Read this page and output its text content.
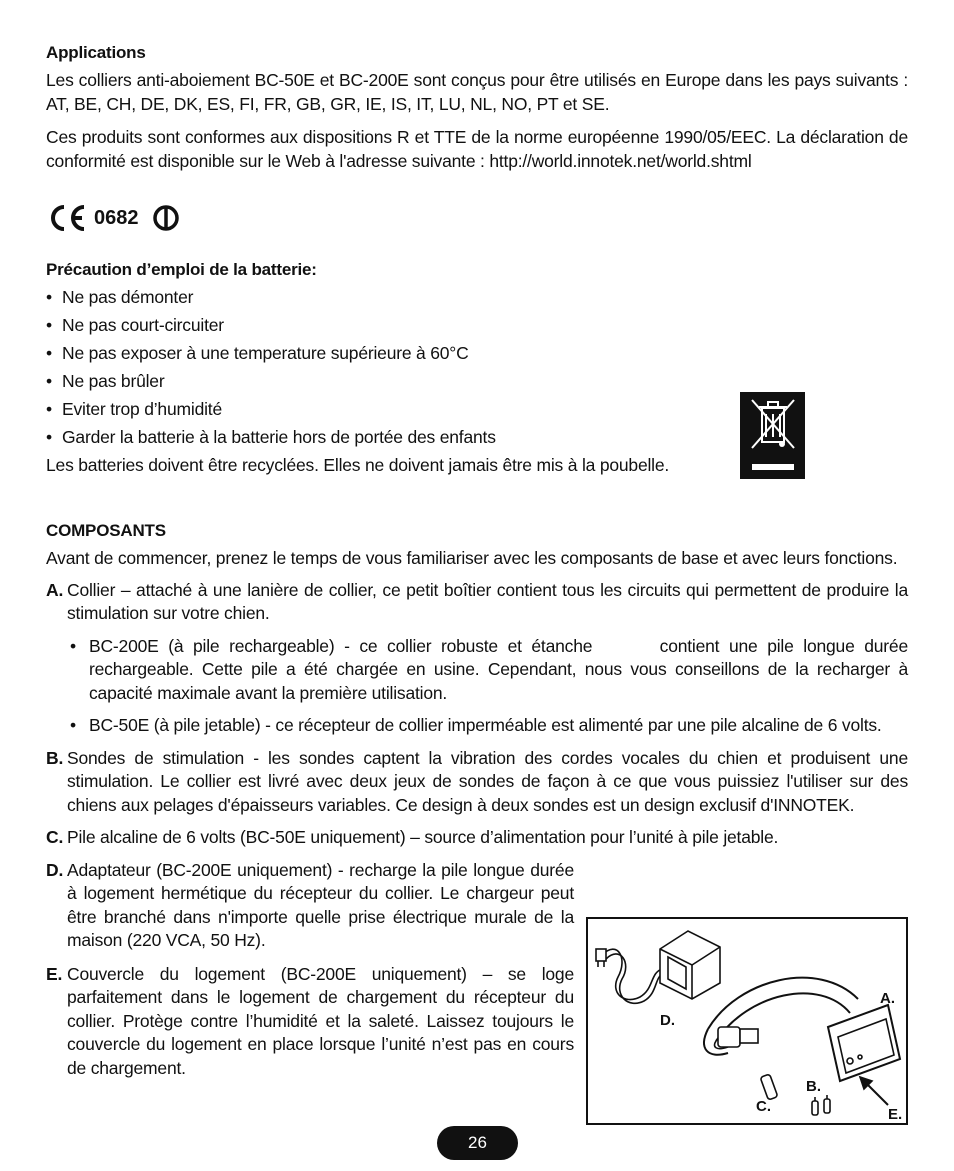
Applications

Les colliers anti-aboiement BC-50E et BC-200E sont conçus pour être utilisés en Europe dans les pays suivants : AT, BE, CH, DE, DK, ES, FI, FR, GB, GR, IE, IS, IT, LU, NL, NO, PT et SE.

Ces produits sont conformes aux dispositions R et TTE de la norme européenne 1990/05/EEC. La déclaration de conformité est disponible sur le Web à l'adresse suivante : http://world.innotek.net/world.shtml

0682
Précaution d’emploi de la batterie:
• Ne pas démonter
• Ne pas court-circuiter
• Ne pas exposer à une temperature supérieure à 60°C
• Ne pas brûler
• Eviter trop d’humidité
• Garder la batterie à la batterie hors de portée des enfants

Les batteries doivent être recyclées. Elles ne doivent jamais être mis à la poubelle.

COMPOSANTS

Avant de commencer, prenez le temps de vous familiariser avec les composants de base et avec leurs fonctions.

A. Collier – attaché à une lanière de collier, ce petit boîtier contient tous les circuits qui permettent de produire la stimulation sur votre chien.

• BC-200E (à pile rechargeable) - ce collier robuste et étanche       contient une pile longue durée rechargeable. Cette pile a été chargée en usine. Cependant, nous vous conseillons de la recharger à capacité maximale avant la première utilisation.

• BC-50E (à pile jetable) - ce récepteur de collier imperméable est alimenté par une pile alcaline de 6 volts.

B. Sondes de stimulation - les sondes captent la vibration des cordes vocales du chien et produisent une stimulation. Le collier est livré avec deux jeux de sondes de façon à ce que vous puissiez l'utiliser sur des chiens aux pelages d'épaisseurs variables. Ce design à deux sondes est un design exclusif d'INNOTEK.

C. Pile alcaline de 6 volts (BC-50E uniquement) – source d’alimentation pour l’unité à pile jetable.

D. Adaptateur (BC-200E uniquement) - recharge la pile longue durée à logement hermétique du récepteur du collier. Le chargeur peut être branché dans n'importe quelle prise électrique murale de la maison (220 VCA, 50 Hz).

E. Couvercle du logement (BC-200E uniquement) – se loge parfaitement dans le logement de chargement du récepteur du collier. Protège contre l’humidité et la saleté. Laissez toujours le couvercle du logement en place lorsque l’unité n’est pas en cours de chargement.

A.
B.
C.
D.
E.
26
